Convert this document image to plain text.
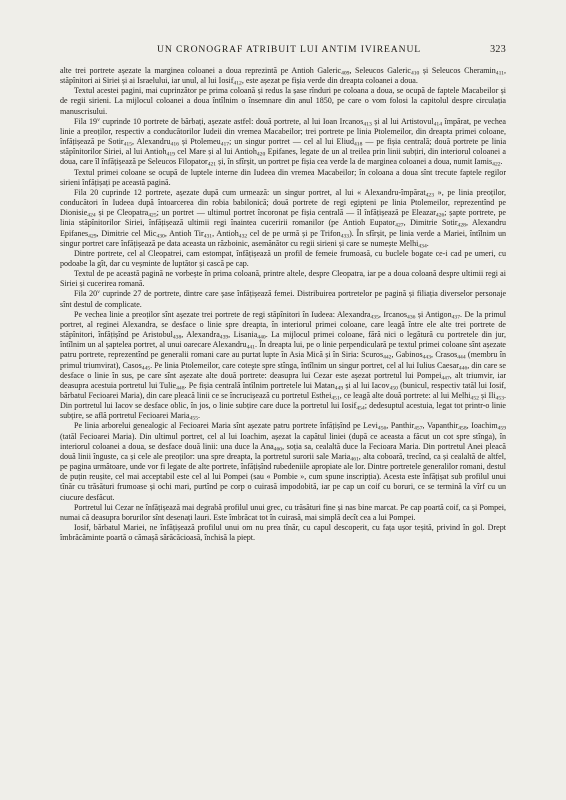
UN CRONOGRAF ATRIBUIT LUI ANTIM IVIREANUL	323

alte trei portrete așezate la marginea coloanei a doua reprezintă pe Antioh Galeric$_{409}$, Seleucos Galeric$_{410}$ și Seleucos Cheramin$_{411}$, stăpînitori ai Siriei și ai Israelului, iar unul, al lui Iosif$_{412}$, este așezat pe fișia verde din dreapta coloanei a doua.

Textul acestei pagini, mai cuprinzător pe prima coloană și redus la șase rînduri pe coloana a doua, se ocupă de faptele Macabeilor și de regii sirieni. La mijlocul coloanei a doua întîlnim o însemnare din anul 1850, pe care o vom folosi la capitolul despre circulația manuscrisului.

Fila 19$^v$ cuprinde 10 portrete de bărbați, așezate astfel: două portrete, al lui Ioan Ircanos$_{413}$ și al lui Artistovul$_{414}$ împărat, pe vechea linie a preoților, respectiv a conducătorilor Iudeii din vremea Macabeilor; trei portrete pe linia Ptolemeilor, din dreapta primei coloane, înfățișează pe Sotir$_{415}$, Alexandru$_{416}$ și Ptolemeu$_{417}$; un singur portret — cel al lui Eliud$_{418}$ — pe fișia centrală; două portrete pe linia stăpînitorilor Siriei, al lui Antioh$_{419}$ cel Mare și al lui Antioh$_{420}$ Epifanes, legate de un al treilea prin linii subțiri, din interiorul coloanei a doua, care îl înfățișează pe Seleucos Filopator$_{421}$ și, în sfîrșit, un portret pe fișia cea verde la de marginea coloanei a doua, numit Iamis$_{422}$.

Textul primei coloane se ocupă de luptele interne din Iudeea din vremea Macabeilor; în coloana a doua sînt trecute faptele regilor sirieni înfățișați pe această pagină.

Fila 20 cuprinde 12 portrete, așezate după cum urmează: un singur portret, al lui « Alexandru-împărat$_{423}$ », pe linia preoților, conducători în Iudeea după întoarcerea din robia babilonică; două portrete de regi egipteni pe linia Ptolemeilor, reprezentînd pe Dionisie$_{424}$ și pe Cleopatra$_{425}$; un portret — ultimul portret încoronat pe fișia centrală — îl înfățișează pe Eleazar$_{426}$; șapte portrete, pe linia stăpînitorilor Siriei, înfățișează ultimii regi înaintea cuceririi romanilor (pe Antioh Eupator$_{427}$, Dimitrie Sotir$_{428}$, Alexandru Epifanes$_{429}$, Dimitrie cel Mic$_{430}$, Antioh Tir$_{431}$, Antioh$_{432}$ cel de pe urmă și pe Trifon$_{433}$). În sfîrșit, pe linia verde a Mariei, întîlnim un singur portret care înfățișează pe data aceasta un războinic, asemănător cu regii sirieni și care se numește Melhi$_{434}$.

Dintre portrete, cel al Cleopatrei, cam estompat, înfățișează un profil de femeie frumoasă, cu buclele bogate ce-i cad pe umeri, cu podoabe la gît, dar cu veșminte de luptător și cască pe cap.

Textul de pe această pagină ne vorbește în prima coloană, printre altele, despre Cleopatra, iar pe a doua coloană despre ultimii regi ai Siriei și cucerirea romană.

Fila 20$^v$ cuprinde 27 de portrete, dintre care șase înfățișează femei. Distribuirea portretelor pe pagină și filiația diverselor personaje sînt destul de complicate.

Pe vechea linie a preoților sînt așezate trei portrete de regi stăpînitori în Iudeea: Alexandra$_{435}$, Ircanos$_{436}$ și Antigon$_{437}$. De la primul portret, al reginei Alexandra, se desface o linie spre dreapta, în interiorul primei coloane, care leagă între ele alte trei portrete de stăpînitori, înfățișînd pe Aristobul$_{438}$, Alexandra$_{439}$, Lisania$_{440}$. La mijlocul primei coloane, fără nici o legătură cu portretele din jur, întîlnim un al șaptelea portret, al unui oarecare Alexandru$_{441}$. În dreapta lui, pe o linie perpendiculară pe textul primei coloane sînt așezate patru portrete, reprezentînd pe generalii romani care au purtat lupte în Asia Mică și în Siria: Scuros$_{442}$, Gabinos$_{443}$, Crasos$_{444}$ (membru în primul triumvirat), Casos$_{445}$. Pe linia Ptolemeilor, care coteşte spre stînga, întîlnim un singur portret, cel al lui Iulius Caesar$_{446}$, din care se desface o linie în sus, pe care sînt așezate alte două portrete: deasupra lui Cezar este așezat portretul lui Pompei$_{447}$, alt triumvir, iar deasupra acestuia portretul lui Tulie$_{448}$. Pe fișia centrală întîlnim portretele lui Matan$_{449}$ și al lui Iacov$_{450}$ (bunicul, respectiv tatăl lui Iosif, bărbatul Fecioarei Maria), din care pleacă linii ce se încrucișează cu portretul Esthei$_{451}$, ce leagă alte două portrete: al lui Melhi$_{452}$ și Ili$_{453}$. Din portretul lui Iacov se desface oblic, în jos, o linie subțire care duce la portretul lui Iosif$_{454}$; dedesuptul acestuia, legat tot printr-o linie subțire, se află portretul Fecioarei Maria$_{455}$.

Pe linia arborelui genealogic al Fecioarei Maria sînt așezate patru portrete înfățișînd pe Levi$_{456}$, Panthir$_{457}$, Vapanthir$_{458}$, Ioachim$_{459}$ (tatăl Fecioarei Maria). Din ultimul portret, cel al lui Ioachim, așezat la capătul liniei (după ce aceasta a făcut un cot spre stînga), în interiorul coloanei a doua, se desface două linii: una duce la Ana$_{460}$, soția sa, cealaltă duce la Fecioara Maria. Din portretul Anei pleacă două linii înguste, ca și cele ale preoților: una spre dreapta, la portretul surorii sale Maria$_{461}$, alta coboară, trecînd, ca și cealaltă de altfel, pe pagina următoare, unde vor fi legate de alte portrete, înfățișînd rubedeniile apropiate ale lor. Dintre portretele generalilor romani, destul de puțin reușite, cel mai acceptabil este cel al lui Pompei (sau « Pombie », cum spune inscripția). Acesta este înfățișat sub profilul unui tînăr cu trăsături frumoase și ochi mari, purtînd pe corp o cuirasă impodobită, iar pe cap un coif cu boruri, ce se termină la vîrf cu un ciucure desfăcut.

Portretul lui Cezar ne înfățișează mai degrabă profilul unui grec, cu trăsături fine și nas bine marcat. Pe cap poartă coif, ca și Pompei, numai că deasupra borurilor sînt desenați lauri. Este îmbrăcat tot în cuirasă, mai simplă decît cea a lui Pompei.

Iosif, bărbatul Mariei, ne înfățișează profilul unui om nu prea tînăr, cu capul descoperit, cu fața ușor teșită, privind în gol. Drept îmbrăcăminte poartă o cămașă sărăcăcioasă, închisă la piept.
